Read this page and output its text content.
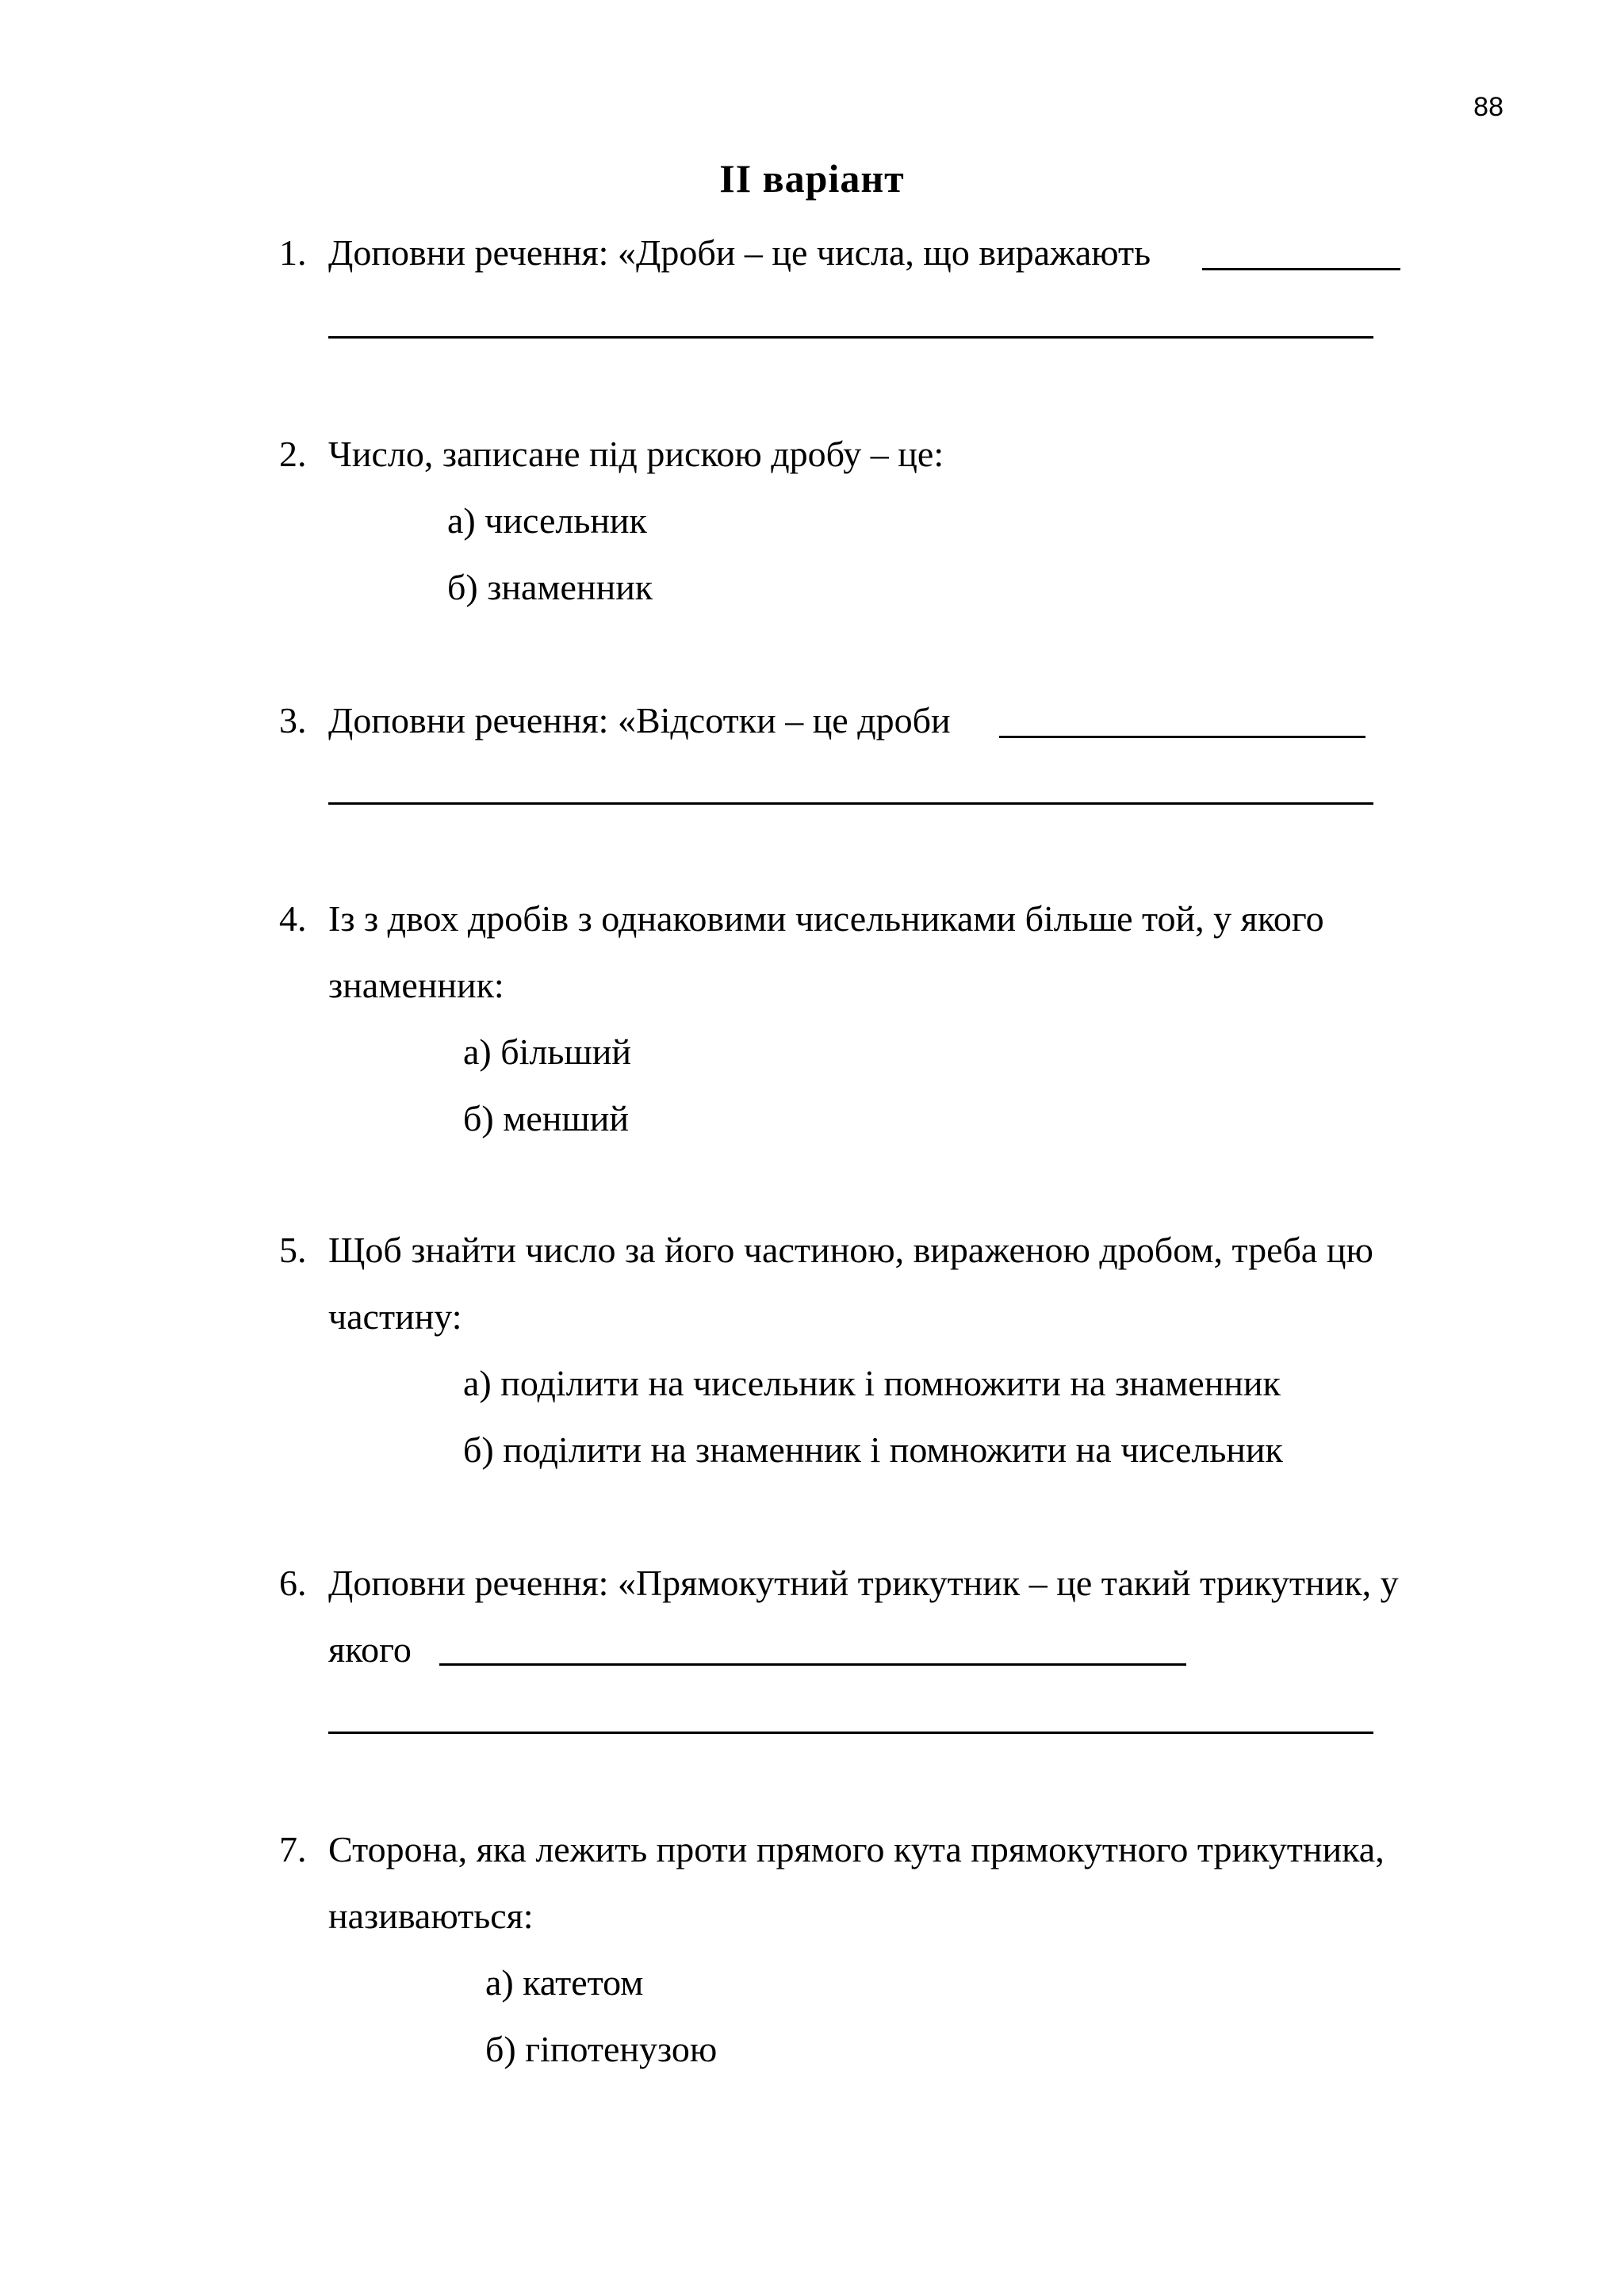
88
ІІ варіант
1. Доповни речення: «Дроби – це числа, що виражають
2. Число, записане під рискою дробу – це:
а) чисельник
б) знаменник
3. Доповни речення: «Відсотки – це дроби
4. Із з двох дробів з однаковими чисельниками більше той, у якого
знаменник:
а) більший
б) менший
5. Щоб знайти число за його частиною, вираженою дробом, треба цю
частину:
а) поділити на чисельник і помножити на знаменник
б) поділити на знаменник і помножити на чисельник
6. Доповни речення: «Прямокутний трикутник – це такий трикутник, у
якого
7. Сторона, яка лежить проти прямого кута прямокутного трикутника,
називаються:
а) катетом
б) гіпотенузою
